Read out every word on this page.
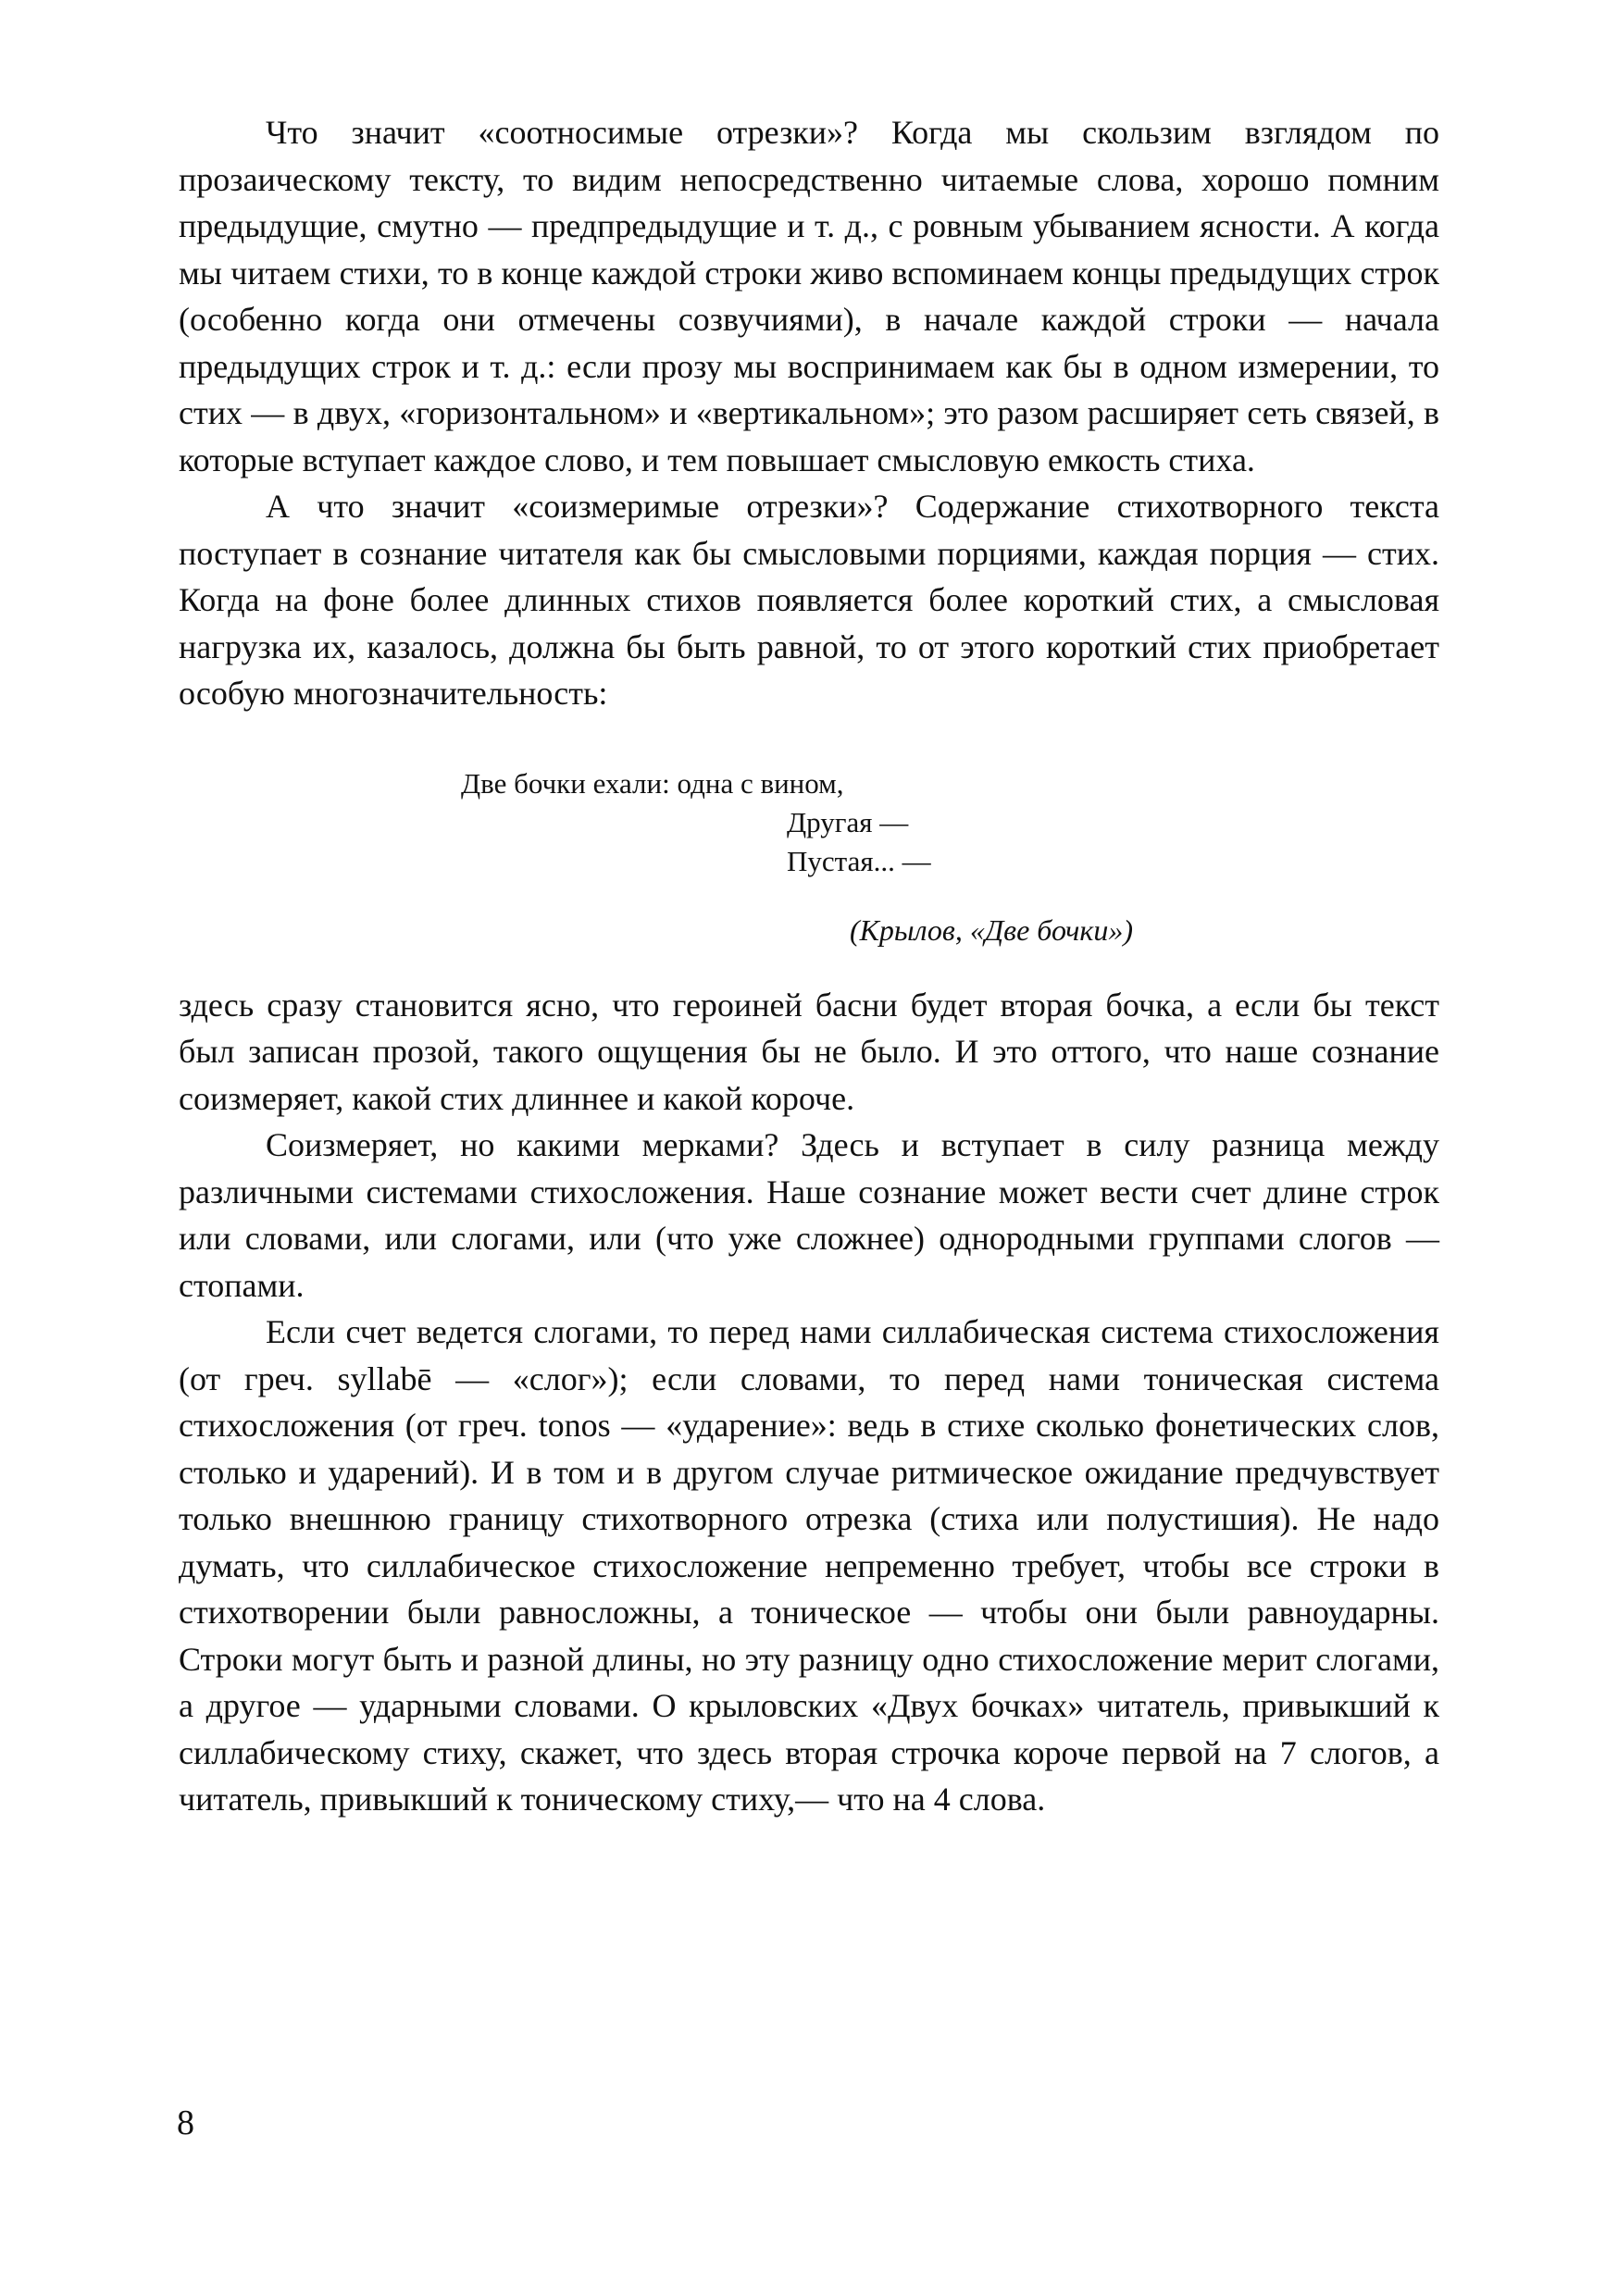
Что значит «соотносимые отрезки»? Когда мы скользим взглядом по прозаическому тексту, то видим непосредственно читаемые слова, хорошо помним предыдущие, смутно — предпредыдущие и т. д., с ровным убыванием ясности. А когда мы читаем стихи, то в конце каждой строки живо вспоминаем концы предыдущих строк (особенно когда они отмечены созвучиями), в начале каждой строки — начала предыдущих строк и т. д.: если прозу мы воспринимаем как бы в одном измерении, то стих — в двух, «горизонтальном» и «вертикальном»; это разом расширяет сеть связей, в которые вступает каждое слово, и тем повышает смысловую емкость стиха.

А что значит «соизмеримые отрезки»? Содержание стихотворного текста поступает в сознание читателя как бы смысловыми порциями, каждая порция — стих. Когда на фоне более длинных стихов появляется более короткий стих, а смысловая нагрузка их, казалось, должна бы быть равной, то от этого короткий стих приобретает особую многозначительность:

Две бочки ехали: одна с вином,
Другая —
Пустая... —
(Крылов, «Две бочки»)

здесь сразу становится ясно, что героиней басни будет вторая бочка, а если бы текст был записан прозой, такого ощущения бы не было. И это оттого, что наше сознание соизмеряет, какой стих длиннее и какой короче.

Соизмеряет, но какими мерками? Здесь и вступает в силу разница между различными системами стихосложения. Наше сознание может вести счет длине строк или словами, или слогами, или (что уже сложнее) однородными группами слогов — стопами.

Если счет ведется слогами, то перед нами силлабическая система стихосложения (от греч. syllabē — «слог»); если словами, то перед нами тоническая система стихосложения (от греч. tonos — «ударение»: ведь в стихе сколько фонетических слов, столько и ударений). И в том и в другом случае ритмическое ожидание предчувствует только внешнюю границу стихотворного отрезка (стиха или полустишия). Не надо думать, что силлабическое стихосложение непременно требует, чтобы все строки в стихотворении были равносложны, а тоническое — чтобы они были равноударны. Строки могут быть и разной длины, но эту разницу одно стихосложение мерит слогами, а другое — ударными словами. О крыловских «Двух бочках» читатель, привыкший к силлабическому стиху, скажет, что здесь вторая строчка короче первой на 7 слогов, а читатель, привыкший к тоническому стиху,— что на 4 слова.

8
